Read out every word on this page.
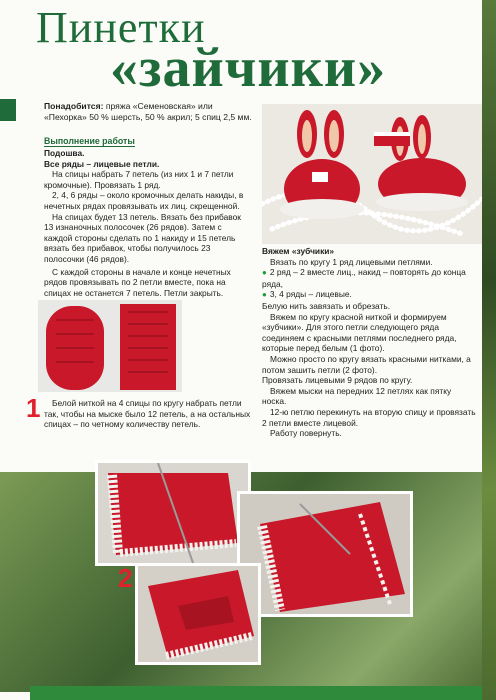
Пинетки
«зайчики»
Понадобится: пряжа «Семеновская» или «Пехорка» 50 % шерсть, 50 % акрил; 5 спиц 2,5 мм.
Выполнение работы

Подошва.

Все ряды – лицевые петли.

На спицы набрать 7 петель (из них 1 и 7 петли кромочные). Провязать 1 ряд.

2, 4, 6 ряды – около кромочных делать накиды, в нечетных рядах провязывать их лиц. скрещенной.

На спицах будет 13 петель. Вязать без прибавок 13 изнаночных полосочек (26 рядов). Затем с каждой стороны сделать по 1 накиду и 15 петель вязать без прибавок, чтобы получилось 23 полосочки (46 рядов).

С каждой стороны в начале и конце нечетных рядов провязывать по 2 петли вместе, пока на спицах не останется 7 петель. Петли закрыть.

1	Белой ниткой на 4 спицы по кругу набрать петли так, чтобы на мыске было 12 петель, а на остальных спицах – по четному количеству петель.

Вяжем «зубчики»

Вязать по кругу 1 ряд лицевыми петлями.

● 2 ряд – 2 вместе лиц., накид – повторять до конца ряда,

● 3, 4 ряды – лицевые.

Белую нить завязать и обрезать.

Вяжем по кругу красной ниткой и формируем «зубчики». Для этого петли следующего ряда соединяем с красными петлями последнего ряда, которые перед белым (1 фото).

Можно просто по кругу вязать красными нитками, а потом зашить петли (2 фото).

Провязать лицевыми 9 рядов по кругу.

Вяжем мыски на передних 12 петлях как пятку носка.

12-ю петлю перекинуть на вторую спицу и провязать 2 петли вместе лицевой.

Работу повернуть.

2
